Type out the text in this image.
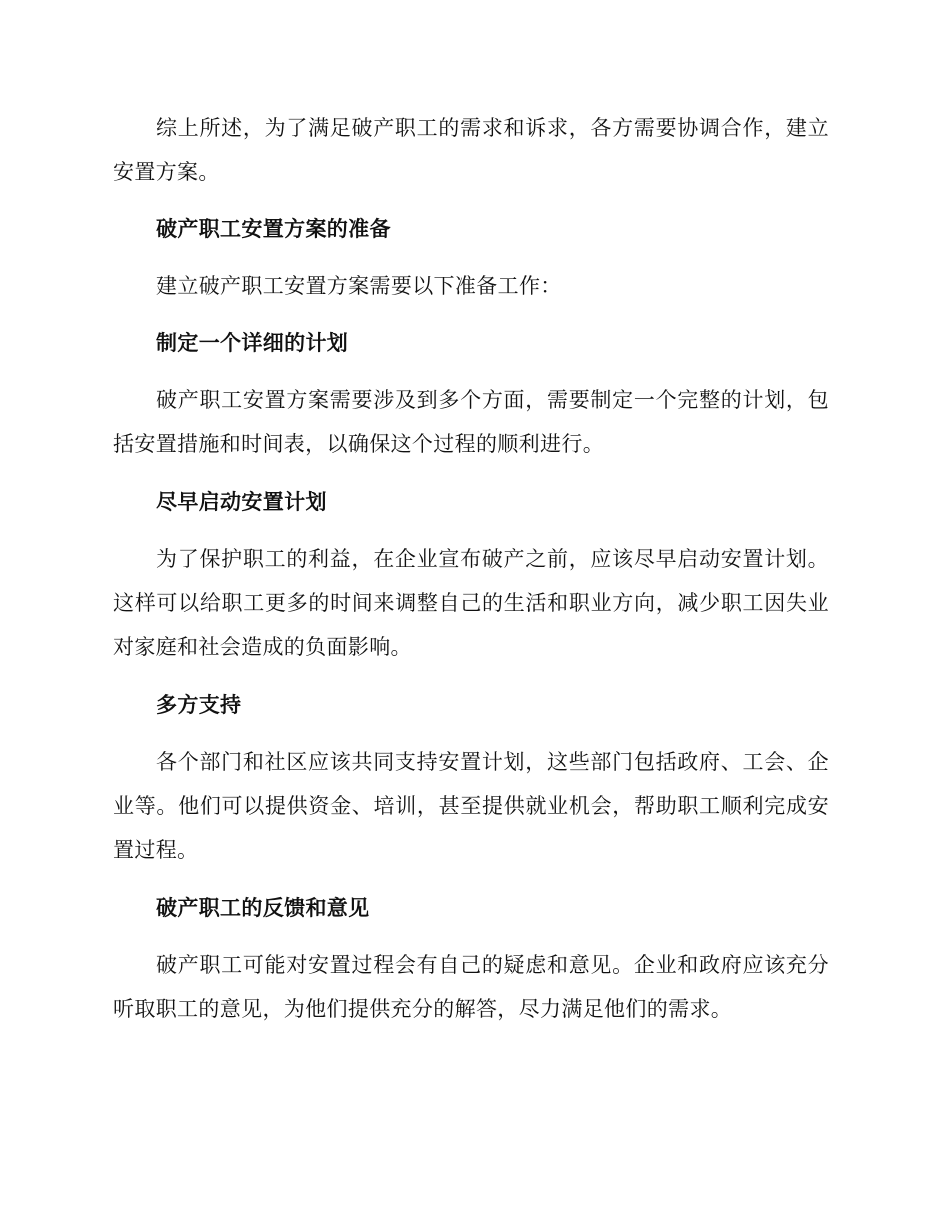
综上所述，为了满足破产职工的需求和诉求，各方需要协调合作，建立安置方案。

破产职工安置方案的准备

建立破产职工安置方案需要以下准备工作：

制定一个详细的计划

破产职工安置方案需要涉及到多个方面，需要制定一个完整的计划，包括安置措施和时间表，以确保这个过程的顺利进行。

尽早启动安置计划

为了保护职工的利益，在企业宣布破产之前，应该尽早启动安置计划。这样可以给职工更多的时间来调整自己的生活和职业方向，减少职工因失业对家庭和社会造成的负面影响。

多方支持

各个部门和社区应该共同支持安置计划，这些部门包括政府、工会、企业等。他们可以提供资金、培训，甚至提供就业机会，帮助职工顺利完成安置过程。

破产职工的反馈和意见

破产职工可能对安置过程会有自己的疑虑和意见。企业和政府应该充分听取职工的意见，为他们提供充分的解答，尽力满足他们的需求。
